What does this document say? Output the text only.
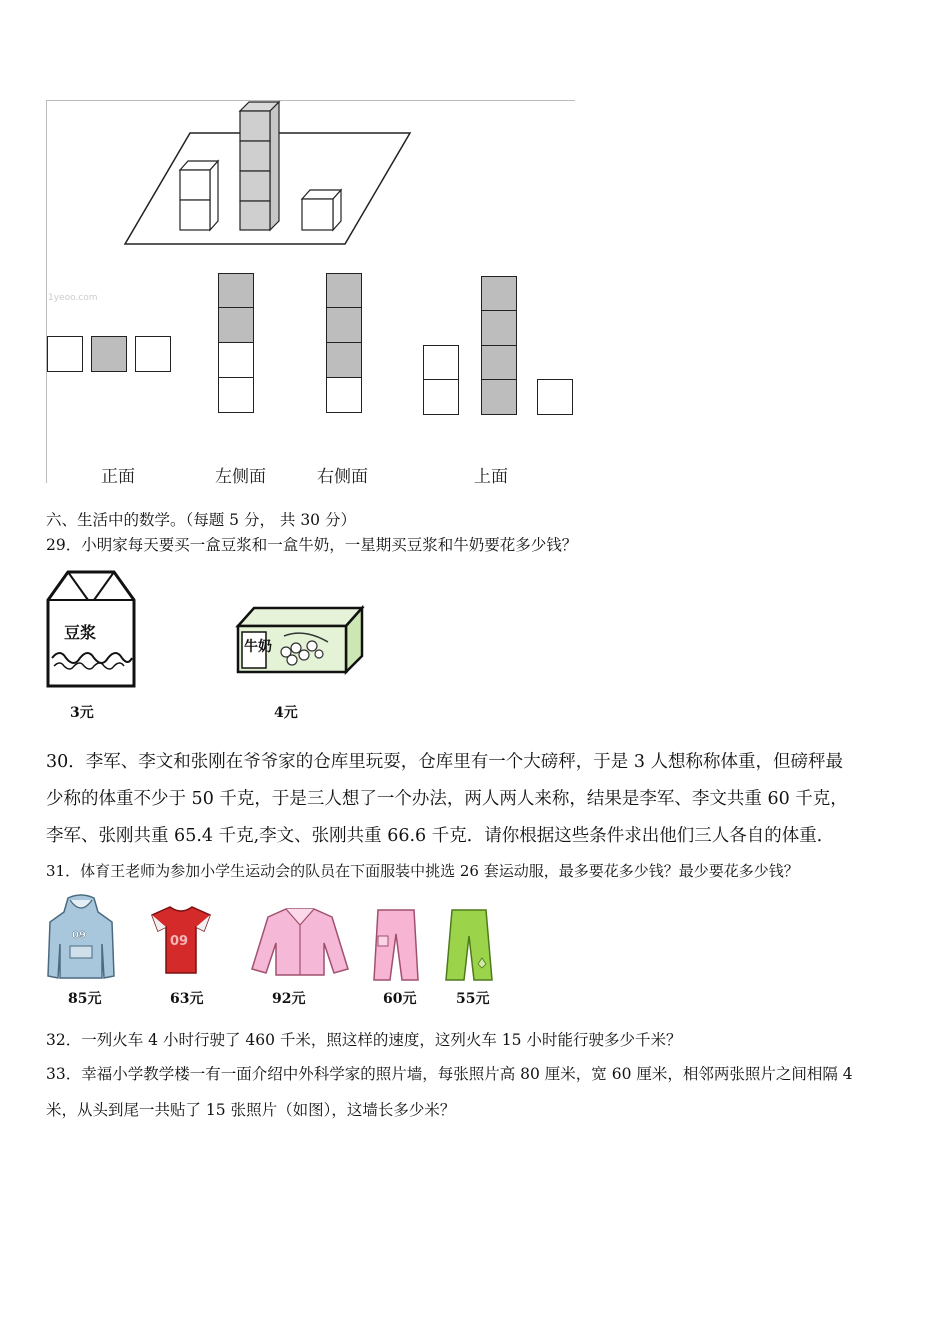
1yeoo.com
正面	左侧面	右侧面	上面
六、生活中的数学。（每题 5 分， 共 30 分）
29．小明家每天要买一盒豆浆和一盒牛奶，一星期买豆浆和牛奶要花多少钱？
豆浆
3元
牛奶
4元
30．李军、李文和张刚在爷爷家的仓库里玩耍，仓库里有一个大磅秤，于是 3 人想称称体重，但磅秤最
少称的体重不少于 50 千克，于是三人想了一个办法，两人两人来称，结果是李军、李文共重 60 千克，
李军、张刚共重 65.4 千克,李文、张刚共重 66.6 千克．请你根据这些条件求出他们三人各自的体重．
31．体育王老师为参加小学生运动会的队员在下面服装中挑选 26 套运动服，最多要花多少钱？最少要花多少钱？
09
85元
09
63元	92元	60元	55元
32．一列火车 4 小时行驶了 460 千米，照这样的速度，这列火车 15 小时能行驶多少千米？
33．幸福小学教学楼一有一面介绍中外科学家的照片墙，每张照片高 80 厘米，宽 60 厘米，相邻两张照片之间相隔 4
米，从头到尾一共贴了 15 张照片（如图），这墙长多少米？
